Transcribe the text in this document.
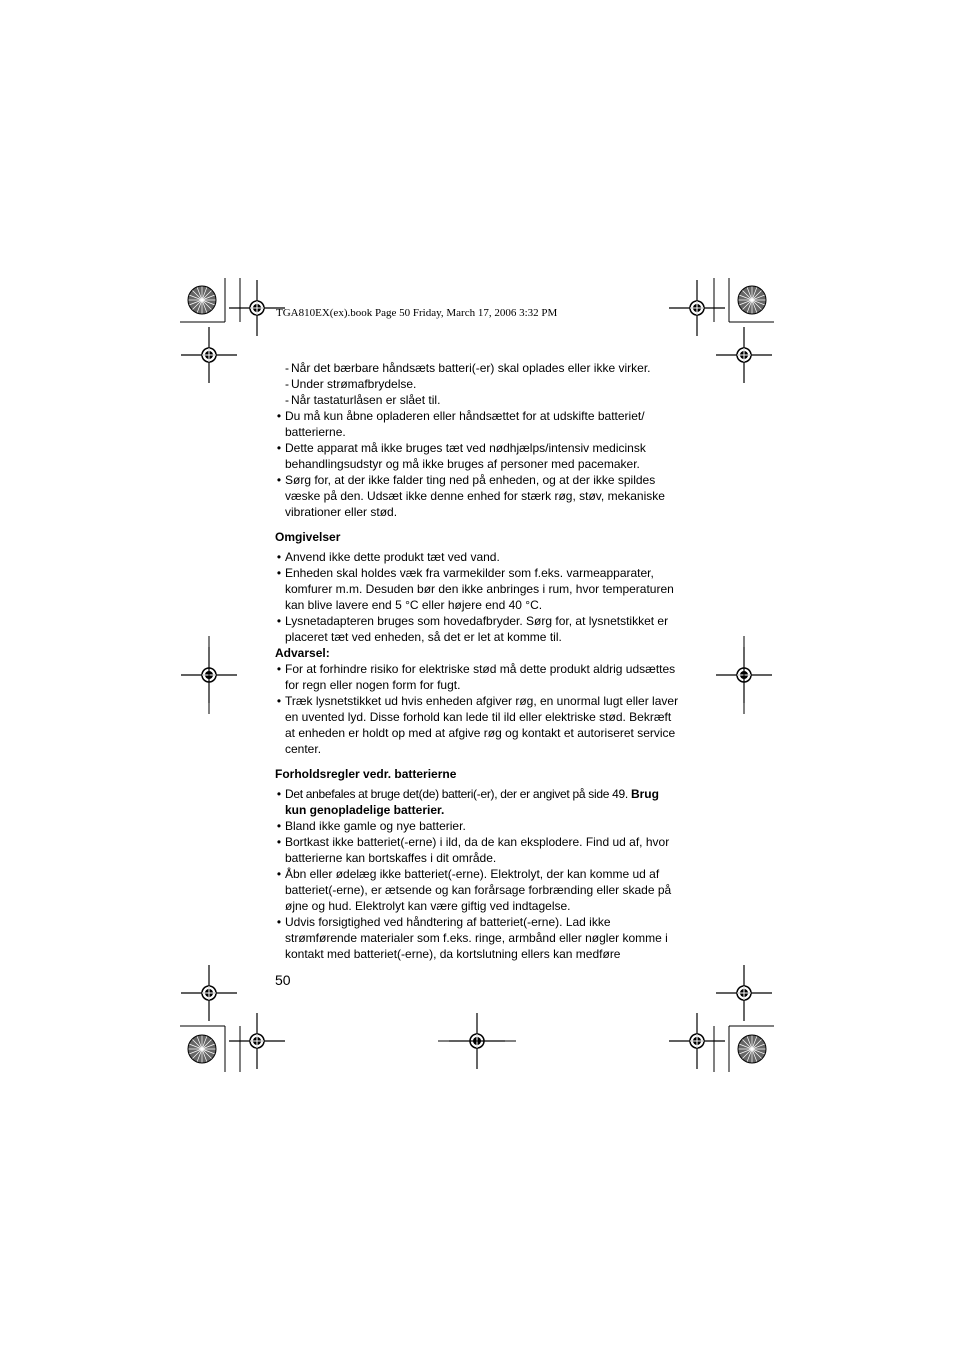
TGA810EX(ex).book Page 50 Friday, March 17, 2006 3:32 PM
- Når det bærbare håndsæts batteri(-er) skal oplades eller ikke virker.
- Under strømafbrydelse.
- Når tastaturlåsen er slået til.
• Du må kun åbne opladeren eller håndsættet for at udskifte batteriet/ batterierne.
• Dette apparat må ikke bruges tæt ved nødhjælps/intensiv medicinsk behandlingsudstyr og må ikke bruges af personer med pacemaker.
• Sørg for, at der ikke falder ting ned på enheden, og at der ikke spildes væske på den. Udsæt ikke denne enhed for stærk røg, støv, mekaniske vibrationer eller stød.
Omgivelser
• Anvend ikke dette produkt tæt ved vand.
• Enheden skal holdes væk fra varmekilder som f.eks. varmeapparater, komfurer m.m. Desuden bør den ikke anbringes i rum, hvor temperaturen kan blive lavere end 5 °C eller højere end 40 °C.
• Lysnetadapteren bruges som hovedafbryder. Sørg for, at lysnetstikket er placeret tæt ved enheden, så det er let at komme til.
Advarsel:
• For at forhindre risiko for elektriske stød må dette produkt aldrig udsættes for regn eller nogen form for fugt.
• Træk lysnetstikket ud hvis enheden afgiver røg, en unormal lugt eller laver en uvented lyd. Disse forhold kan lede til ild eller elektriske stød. Bekræft at enheden er holdt op med at afgive røg og kontakt et autoriseret service center.
Forholdsregler vedr. batterierne
• Det anbefales at bruge det(de) batteri(-er), der er angivet på side 49. Brug kun genopladelige batterier.
• Bland ikke gamle og nye batterier.
• Bortkast ikke batteriet(-erne) i ild, da de kan eksplodere. Find ud af, hvor batterierne kan bortskaffes i dit område.
• Åbn eller ødelæg ikke batteriet(-erne). Elektrolyt, der kan komme ud af batteriet(-erne), er ætsende og kan forårsage forbrænding eller skade på øjne og hud. Elektrolyt kan være giftig ved indtagelse.
• Udvis forsigtighed ved håndtering af batteriet(-erne). Lad ikke strømførende materialer som f.eks. ringe, armbånd eller nøgler komme i kontakt med batteriet(-erne), da kortslutning ellers kan medføre
50
